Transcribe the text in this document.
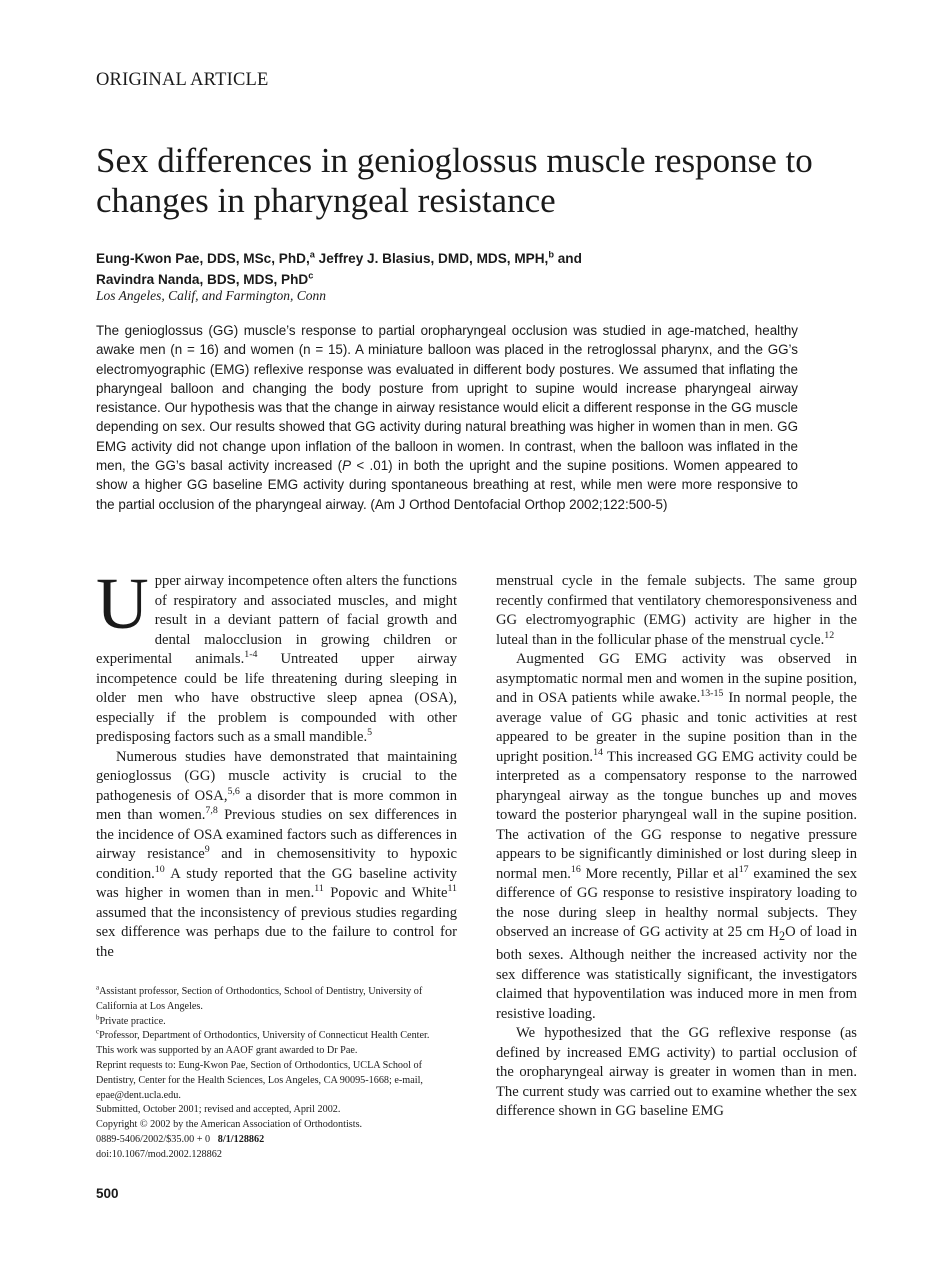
ORIGINAL ARTICLE
Sex differences in genioglossus muscle response to changes in pharyngeal resistance
Eung-Kwon Pae, DDS, MSc, PhD,$^a$ Jeffrey J. Blasius, DMD, MDS, MPH,$^b$ and
Ravindra Nanda, BDS, MDS, PhD$^c$
Los Angeles, Calif, and Farmington, Conn
The genioglossus (GG) muscle’s response to partial oropharyngeal occlusion was studied in age-matched, healthy awake men (n = 16) and women (n = 15). A miniature balloon was placed in the retroglossal pharynx, and the GG’s electromyographic (EMG) reflexive response was evaluated in different body postures. We assumed that inflating the pharyngeal balloon and changing the body posture from upright to supine would increase pharyngeal airway resistance. Our hypothesis was that the change in airway resistance would elicit a different response in the GG muscle depending on sex. Our results showed that GG activity during natural breathing was higher in women than in men. GG EMG activity did not change upon inflation of the balloon in women. In contrast, when the balloon was inflated in the men, the GG’s basal activity increased (P < .01) in both the upright and the supine positions. Women appeared to show a higher GG baseline EMG activity during spontaneous breathing at rest, while men were more responsive to the partial occlusion of the pharyngeal airway. (Am J Orthod Dentofacial Orthop 2002;122:500-5)

Upper airway incompetence often alters the functions of respiratory and associated muscles, and might result in a deviant pattern of facial growth and dental malocclusion in growing children or experimental animals.$^{1-4}$ Untreated upper airway incompetence could be life threatening during sleeping in older men who have obstructive sleep apnea (OSA), especially if the problem is compounded with other predisposing factors such as a small mandible.$^5$

Numerous studies have demonstrated that maintaining genioglossus (GG) muscle activity is crucial to the pathogenesis of OSA,$^{5,6}$ a disorder that is more common in men than women.$^{7,8}$ Previous studies on sex differences in the incidence of OSA examined factors such as differences in airway resistance$^9$ and in chemosensitivity to hypoxic condition.$^{10}$ A study reported that the GG baseline activity was higher in women than in men.$^{11}$ Popovic and White$^{11}$ assumed that the inconsistency of previous studies regarding sex difference was perhaps due to the failure to control for the

$^a$Assistant professor, Section of Orthodontics, School of Dentistry, University of California at Los Angeles.

$^b$Private practice.

$^c$Professor, Department of Orthodontics, University of Connecticut Health Center.

This work was supported by an AAOF grant awarded to Dr Pae.

Reprint requests to: Eung-Kwon Pae, Section of Orthodontics, UCLA School of Dentistry, Center for the Health Sciences, Los Angeles, CA 90095-1668; e-mail, epae@dent.ucla.edu.

Submitted, October 2001; revised and accepted, April 2002.

Copyright © 2002 by the American Association of Orthodontists.

0889-5406/2002/$35.00 + 0 8/1/128862

doi:10.1067/mod.2002.128862

500

menstrual cycle in the female subjects. The same group recently confirmed that ventilatory chemoresponsiveness and GG electromyographic (EMG) activity are higher in the luteal than in the follicular phase of the menstrual cycle.$^{12}$

Augmented GG EMG activity was observed in asymptomatic normal men and women in the supine position, and in OSA patients while awake.$^{13-15}$ In normal people, the average value of GG phasic and tonic activities at rest appeared to be greater in the supine position than in the upright position.$^{14}$ This increased GG EMG activity could be interpreted as a compensatory response to the narrowed pharyngeal airway as the tongue bunches up and moves toward the posterior pharyngeal wall in the supine position. The activation of the GG response to negative pressure appears to be significantly diminished or lost during sleep in normal men.$^{16}$ More recently, Pillar et $al^{17}$ examined the sex difference of GG response to resistive inspiratory loading to the nose during sleep in healthy normal subjects. They observed an increase of GG activity at 25 cm $H_2O$ of load in both sexes. Although neither the increased activity nor the sex difference was statistically significant, the investigators claimed that hypoventilation was induced more in men from resistive loading.

We hypothesized that the GG reflexive response (as defined by increased EMG activity) to partial occlusion of the oropharyngeal airway is greater in women than in men. The current study was carried out to examine whether the sex difference shown in GG baseline EMG
